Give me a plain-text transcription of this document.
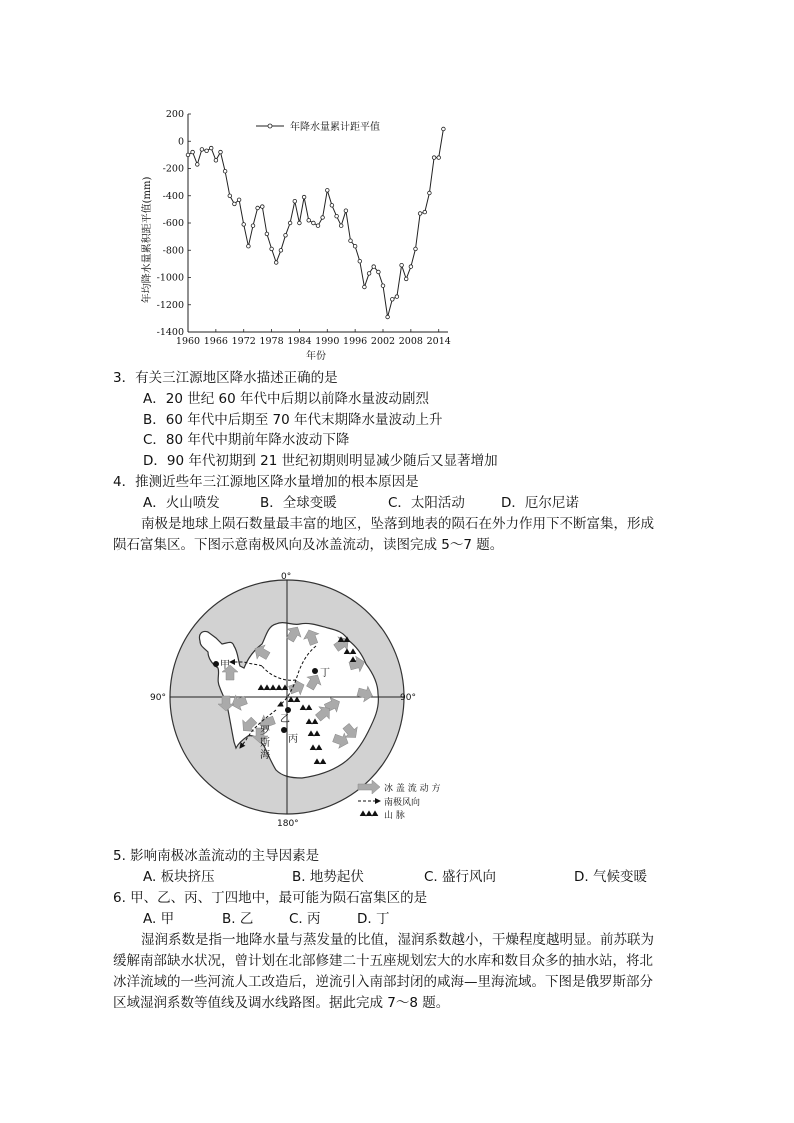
200
0
-200
-400
-600
-800
-1000
-1200
-1400
1960 1966 1972 1978 1984 1990 1996 2002 2008 2014
年降水量累计距平值
年均降水量累积距平值(mm)
年份
3．有关三江源地区降水描述正确的是
A．20 世纪 60 年代中后期以前降水量波动剧烈
B．60 年代中后期至 70 年代末期降水量波动上升
C．80 年代中期前年降水波动下降
D．90 年代初期到 21 世纪初期则明显减少随后又显著增加
4．推测近些年三江源地区降水量增加的根本原因是
A．火山喷发	B．全球变暖	C．太阳活动	D．厄尔尼诺
南极是地球上陨石数量最丰富的地区，坠落到地表的陨石在外力作用下不断富集，形成
陨石富集区。下图示意南极风向及冰盖流动，读图完成 5～7 题。
0°
90°	90°
180°
甲
丁
乙
丙
罗
斯
海
冰 盖 流 动 方
南极风向
山 脉
5. 影响南极冰盖流动的主导因素是
A. 板块挤压	B. 地势起伏	C. 盛行风向	D. 气候变暖
6. 甲、乙、丙、丁四地中，最可能为陨石富集区的是
A. 甲	B. 乙	C. 丙	D. 丁
湿润系数是指一地降水量与蒸发量的比值，湿润系数越小，干燥程度越明显。前苏联为
缓解南部缺水状况，曾计划在北部修建二十五座规划宏大的水库和数目众多的抽水站，将北
冰洋流域的一些河流人工改造后，逆流引入南部封闭的咸海—里海流域。下图是俄罗斯部分
区域湿润系数等值线及调水线路图。据此完成 7～8 题。
